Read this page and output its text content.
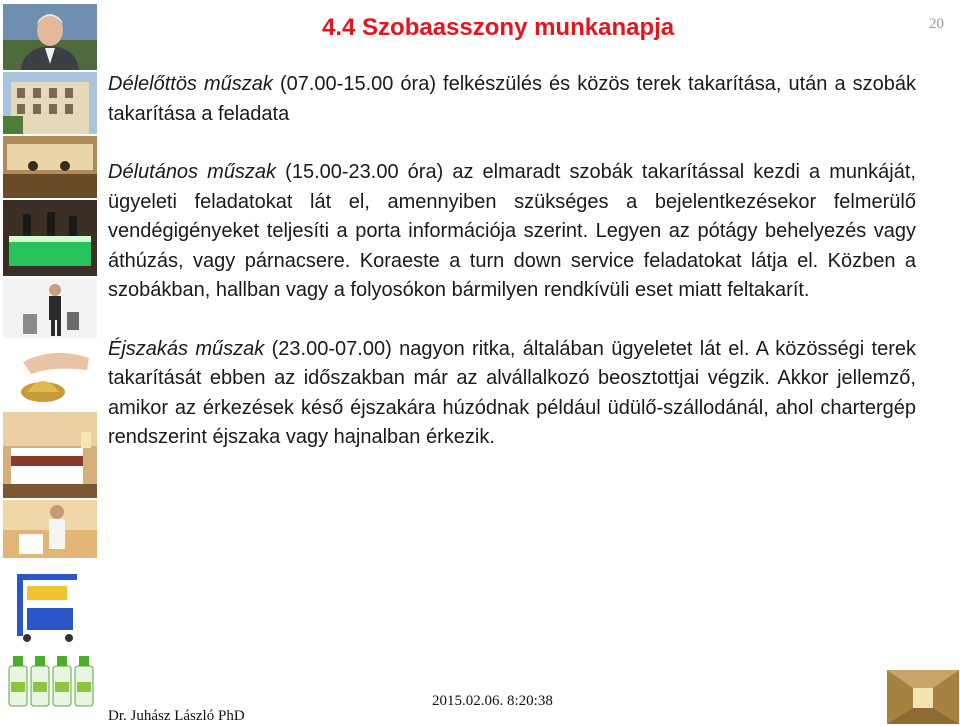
4.4 Szobaasszony munkanapja	20

Délelőttös műszak (07.00-15.00 óra) felkészülés és közös terek takarítása, után a szobák takarítása a feladata

Délutános műszak (15.00-23.00 óra) az elmaradt szobák takarítással kezdi a munkáját, ügyeleti feladatokat lát el, amennyiben szükséges a bejelentkezésekor felmerülő vendégigényeket teljesíti a porta információja szerint. Legyen az pótágy behelyezés vagy áthúzás, vagy párnacsere. Koraeste a turn down service feladatokat látja el. Közben a szobákban, hallban vagy a folyosókon bármilyen rendkívüli eset miatt feltakarít.

Éjszakás műszak (23.00-07.00) nagyon ritka, általában ügyeletet lát el. A közösségi terek takarítását ebben az időszakban már az alvállalkozó beosztottjai végzik. Akkor jellemző, amikor az érkezések késő éjszakára húzódnak például üdülő-szállodánál, ahol chartergép rendszerint éjszaka vagy hajnalban érkezik.

2015.02.06. 8:20:38
Dr. Juhász László PhD
